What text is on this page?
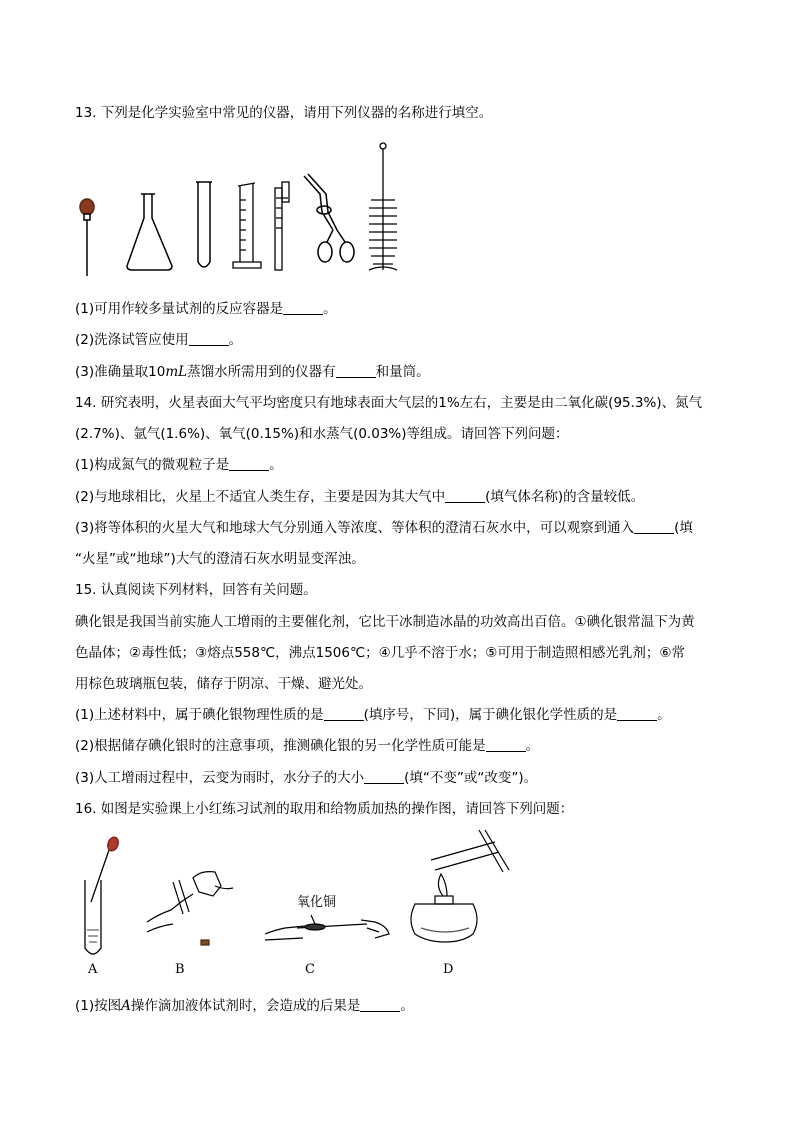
13. 下列是化学实验室中常见的仪器，请用下列仪器的名称进行填空。
(1)可用作较多量试剂的反应容器是	。
(2)洗涤试管应使用	。
(3)准确量取10mL蒸馏水所需用到的仪器有	和量筒。
14. 研究表明，火星表面大气平均密度只有地球表面大气层的1%左右，主要是由二氧化碳(95.3%)、氮气
(2.7%)、氩气(1.6%)、氧气(0.15%)和水蒸气(0.03%)等组成。请回答下列问题：
(1)构成氮气的微观粒子是	。
(2)与地球相比，火星上不适宜人类生存，主要是因为其大气中	(填气体名称)的含量较低。
(3)将等体积的火星大气和地球大气分别通入等浓度、等体积的澄清石灰水中，可以观察到通入	(填
“火星”或“地球”)大气的澄清石灰水明显变浑浊。
15. 认真阅读下列材料，回答有关问题。
碘化银是我国当前实施人工增雨的主要催化剂，它比干冰制造冰晶的功效高出百倍。①碘化银常温下为黄
色晶体；②毒性低；③熔点558℃，沸点1506℃；④几乎不溶于水；⑤可用于制造照相感光乳剂；⑥常
用棕色玻璃瓶包装，储存于阴凉、干燥、避光处。
(1)上述材料中，属于碘化银物理性质的是	(填序号，下同)，属于碘化银化学性质的是	。
(2)根据储存碘化银时的注意事项，推测碘化银的另一化学性质可能是	。
(3)人工增雨过程中，云变为雨时，水分子的大小	(填“不变”或“改变”)。
16. 如图是实验课上小红练习试剂的取用和给物质加热的操作图，请回答下列问题：
氧化铜
A	B	C	D
(1)按图A操作滴加液体试剂时，会造成的后果是	。
